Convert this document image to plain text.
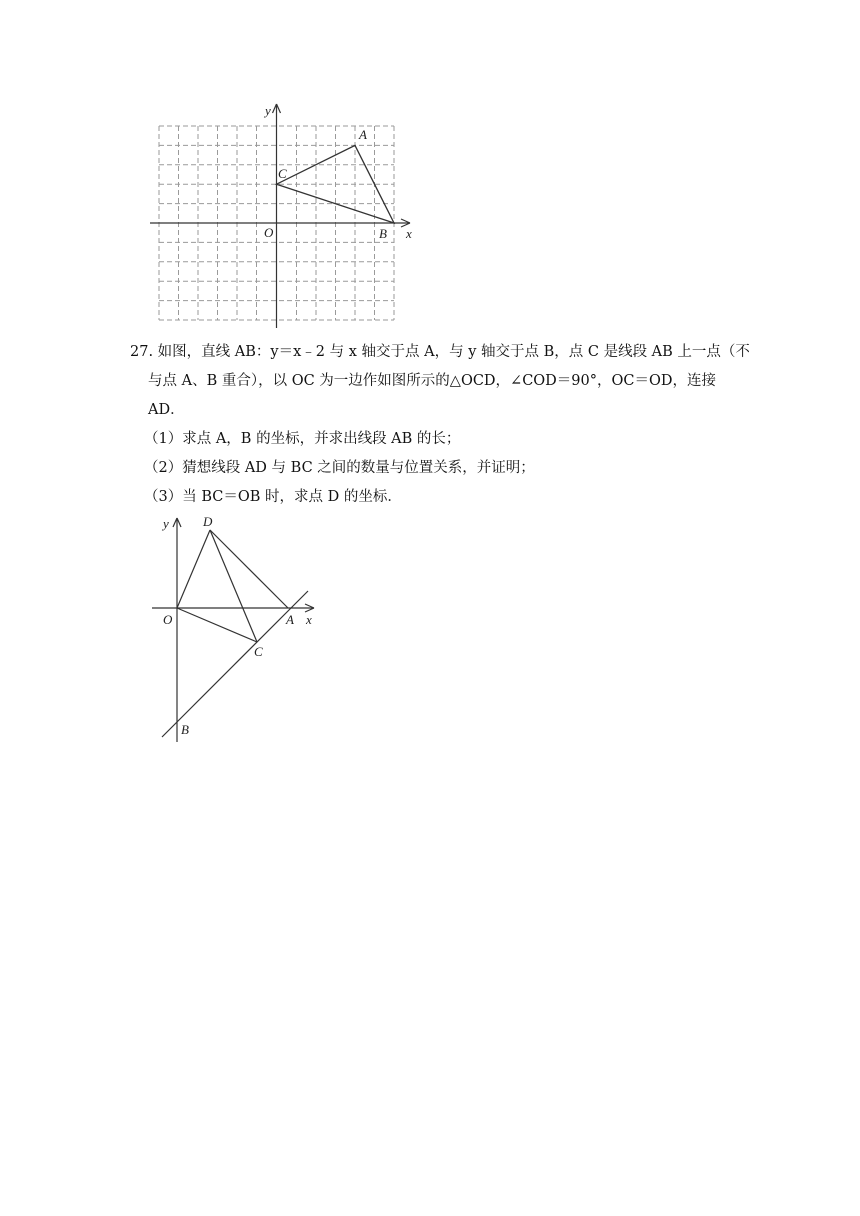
y
x
O
A
B
C
27. 如图，直线 AB：y＝x﹣2 与 x 轴交于点 A，与 y 轴交于点 B，点 C 是线段 AB 上一点（不
与点 A、B 重合），以 OC 为一边作如图所示的△OCD，∠COD＝90°，OC＝OD，连接
AD．
（1）求点 A，B 的坐标，并求出线段 AB 的长；
（2）猜想线段 AD 与 BC 之间的数量与位置关系，并证明；
（3）当 BC＝OB 时，求点 D 的坐标．
y
x
O	A
B
C
D
